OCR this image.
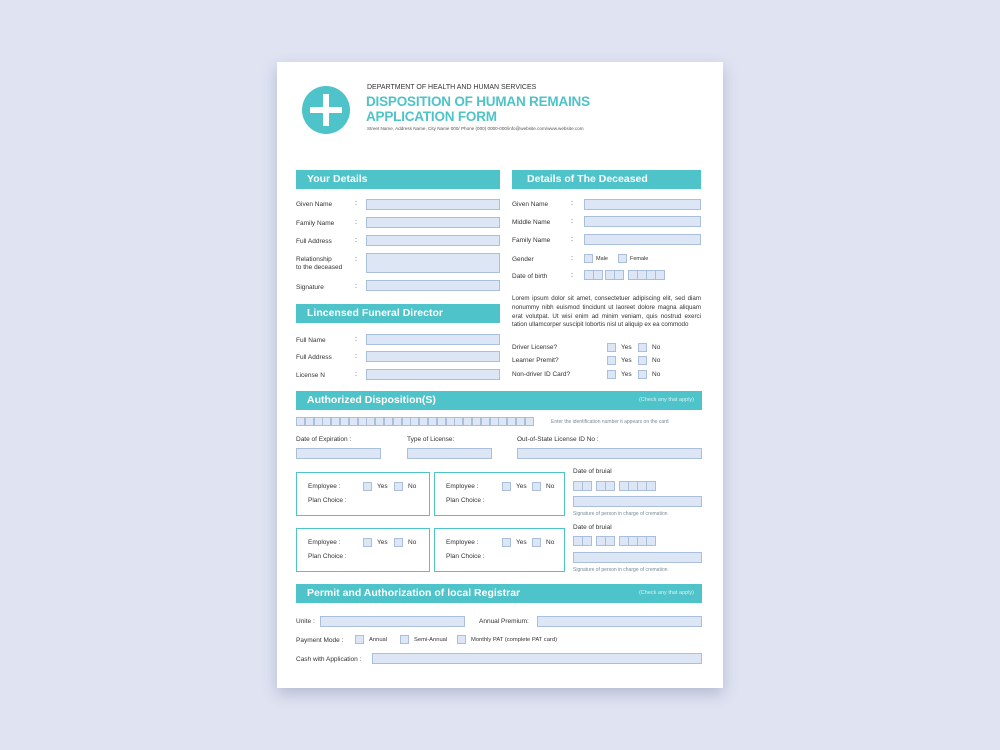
DEPARTMENT OF HEALTH AND HUMAN SERVICES
DISPOSITION OF HUMAN REMAINS
APPLICATION FORM
Street Name, Address Name, City Name 000/ Phone (000) 0000-000/info@website.com/www.website.com
Your Details
Given Name	:
Family Name	:
Full Address	:
Relationship
to the deceased
:
Signature	:
Details of The Deceased
Given Name	:
Middle Name	:
Family Name	:
Gender	:	Male	Female
Date of birth	:
Lorem ipsum dolor sit amet, consectetuer adipiscing elit, sed diam nonummy nibh euismod tincidunt ut laoreet dolore magna aliquam erat volutpat. Ut wisi enim ad minim veniam, quis nostrud exerci tation ullamcorper suscipit lobortis nisl ut aliquip ex ea commodo
Driver License?	Yes	No
Learner Premit?	Yes	No
Non-driver ID Card?	Yes	No
Lincensed Funeral Director
Full Name	:
Full Address	:
License N	:
Authorized Disposition(S)	(Check any that apply)
Enter the identification number it appears on the card
Date of Expiration :	Type of License:	Out-of-State License ID No :
Employee :	Yes	No
Plan Choice :
Employee :	Yes	No
Plan Choice :
Date of bruial
Signature of person in charge of cremation
Employee :	Yes	No
Plan Choice :
Employee :	Yes	No
Plan Choice :
Date of bruial
Signature of person in charge of cremation
Permit and Authorization of local Registrar	(Check any that apply)
Unite :	Annual Premium:
Payment Mode :	Annual	Semi-Annual	Monthly PAT (complete PAT card)
Cash with Application :
